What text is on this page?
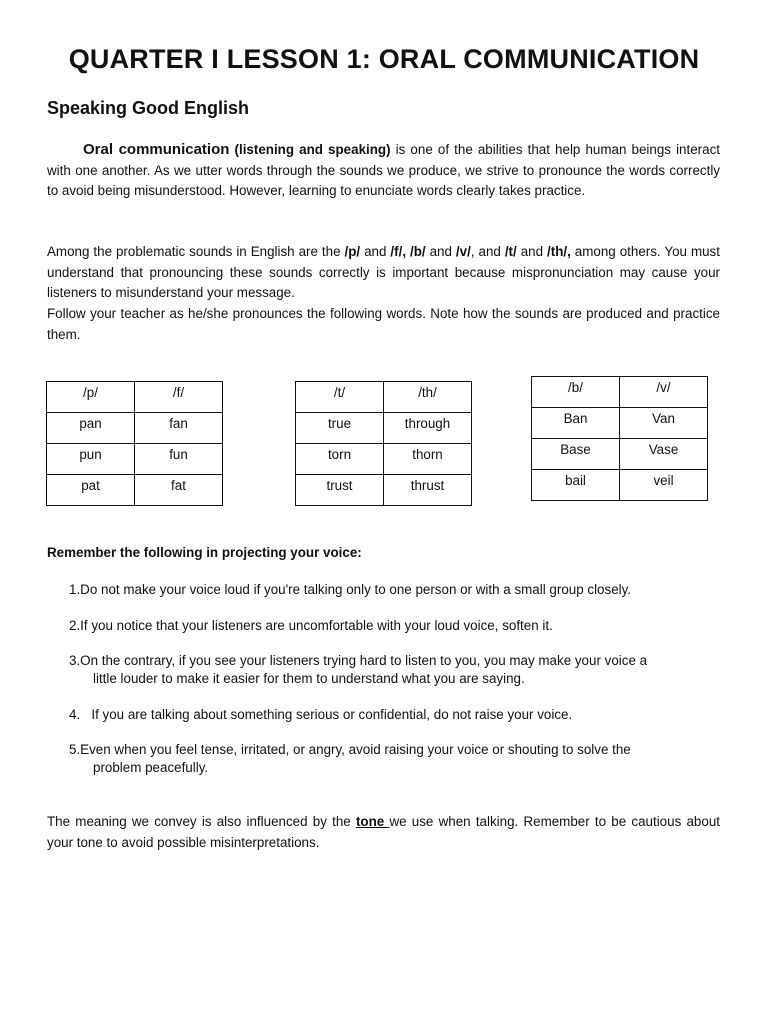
QUARTER I LESSON 1: ORAL COMMUNICATION
Speaking Good English

Oral communication (listening and speaking) is one of the abilities that help human beings interact with one another. As we utter words through the sounds we produce, we strive to pronounce the words correctly to avoid being misunderstood. However, learning to enunciate words clearly takes practice.

Among the problematic sounds in English are the /p/ and /f/, /b/ and /v/, and /t/ and /th/, among others. You must understand that pronouncing these sounds correctly is important because mispronunciation may cause your listeners to misunderstand your message.

Follow your teacher as he/she pronounces the following words. Note how the sounds are produced and practice them.

/p/	/f/
pan	fan
pun	fun
pat	fat
/t/	/th/
true	through
torn	thorn
trust	thrust
/b/	/v/
Ban	Van
Base	Vase
bail	veil
Remember the following in projecting your voice:
1.Do not make your voice loud if you're talking only to one person or with a small group closely.
2.If you notice that your listeners are uncomfortable with your loud voice, soften it.
3.On the contrary, if you see your listeners trying hard to listen to you, you may make your voice a
little louder to make it easier for them to understand what you are saying.
4. If you are talking about something serious or confidential, do not raise your voice.
5.Even when you feel tense, irritated, or angry, avoid raising your voice or shouting to solve the
problem peacefully.

The meaning we convey is also influenced by the tone we use when talking. Remember to be cautious about your tone to avoid possible misinterpretations.
